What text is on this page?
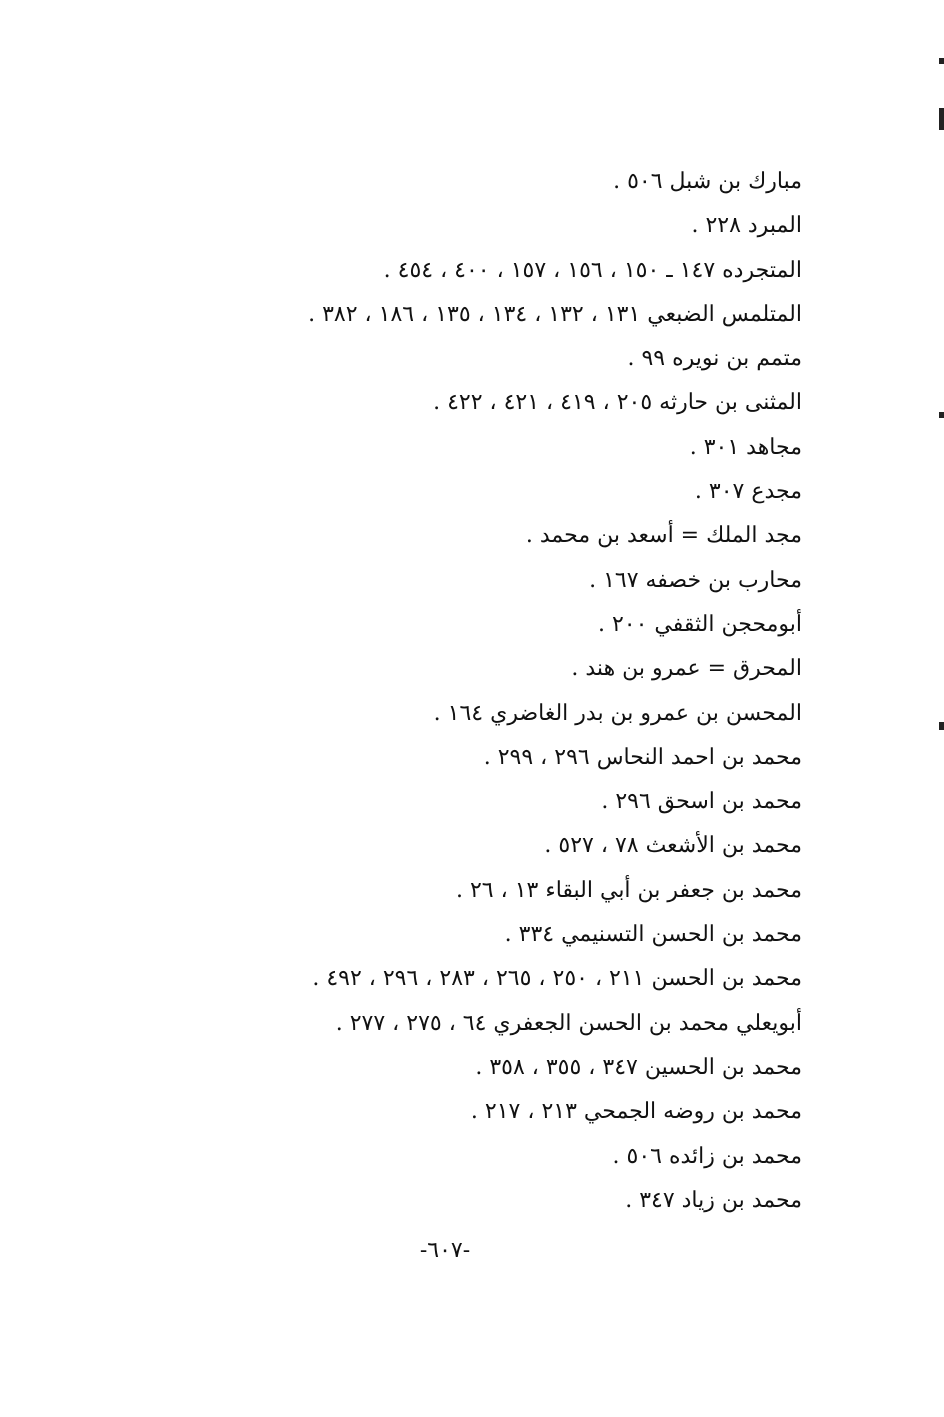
مبارك بن شبل ٥٠٦ .
المبرد ٢٢٨ .
المتجرده ١٤٧ ـ ١٥٠ ، ١٥٦ ، ١٥٧ ، ٤٠٠ ، ٤٥٤ .
المتلمس الضبعي ١٣١ ، ١٣٢ ، ١٣٤ ، ١٣٥ ، ١٨٦ ، ٣٨٢ .
متمم بن نويره ٩٩ .
المثنى بن حارثه ٢٠٥ ، ٤١٩ ، ٤٢١ ، ٤٢٢ .
مجاهد ٣٠١ .
مجدع ٣٠٧ .
مجد الملك = أسعد بن محمد .
محارب بن خصفه ١٦٧ .
أبومحجن الثقفي ٢٠٠ .
المحرق = عمرو بن هند .
المحسن بن عمرو بن بدر الغاضري ١٦٤ .
محمد بن احمد النحاس ٢٩٦ ، ٢٩٩ .
محمد بن اسحق ٢٩٦ .
محمد بن الأشعث ٧٨ ، ٥٢٧ .
محمد بن جعفر بن أبي البقاء ١٣ ، ٢٦ .
محمد بن الحسن التسنيمي ٣٣٤ .
محمد بن الحسن ٢١١ ، ٢٥٠ ، ٢٦٥ ، ٢٨٣ ، ٢٩٦ ، ٤٩٢ .
أبويعلي محمد بن الحسن الجعفري ٦٤ ، ٢٧٥ ، ٢٧٧ .
محمد بن الحسين ٣٤٧ ، ٣٥٥ ، ٣٥٨ .
محمد بن روضه الجمحي ٢١٣ ، ٢١٧ .
محمد بن زائده ٥٠٦ .
محمد بن زياد ٣٤٧ .
-٦٠٧-
